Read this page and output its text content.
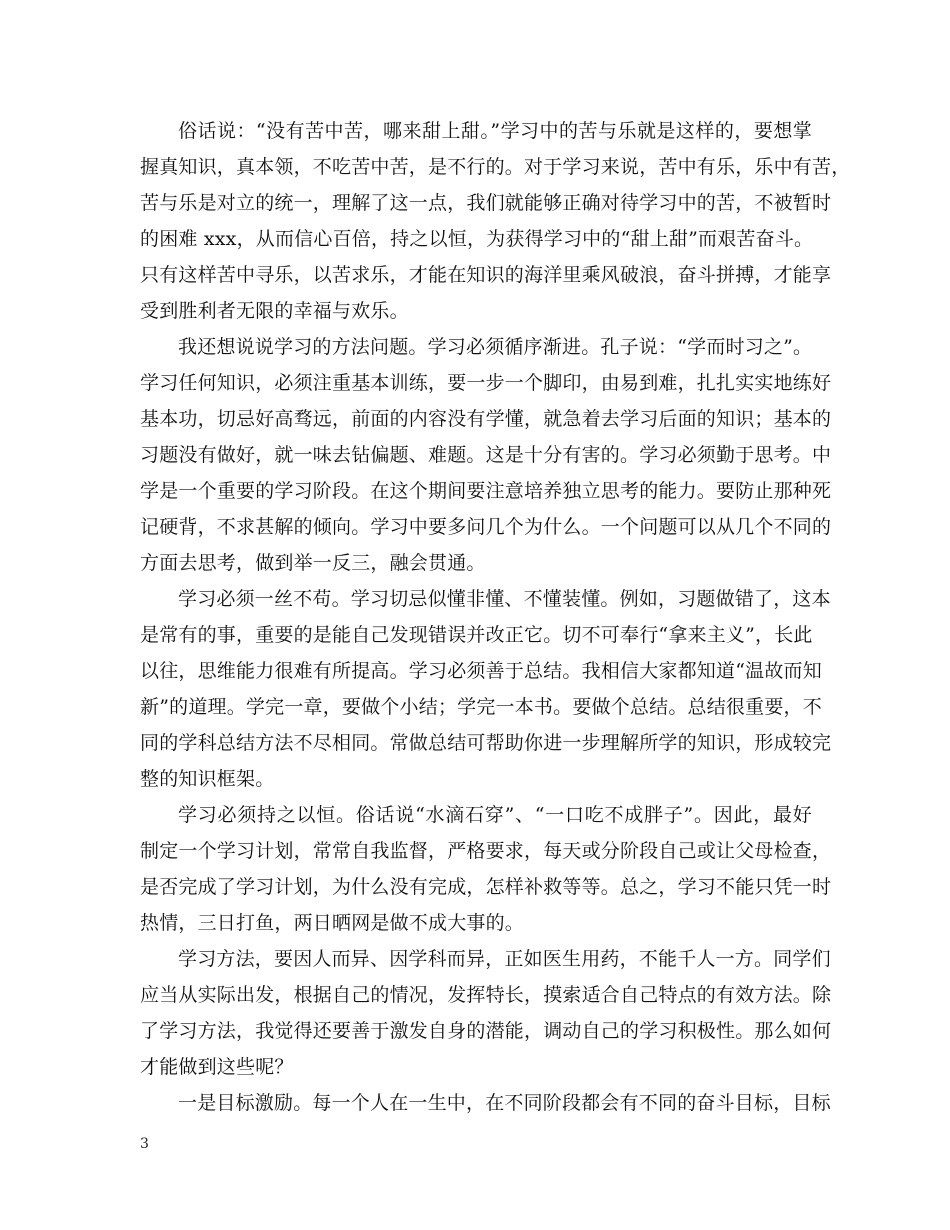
俗话说：“没有苦中苦，哪来甜上甜。”学习中的苦与乐就是这样的，要想掌
握真知识，真本领，不吃苦中苦，是不行的。对于学习来说，苦中有乐，乐中有苦，
苦与乐是对立的统一，理解了这一点，我们就能够正确对待学习中的苦，不被暂时
的困难 xxx，从而信心百倍，持之以恒，为获得学习中的“甜上甜”而艰苦奋斗。
只有这样苦中寻乐，以苦求乐，才能在知识的海洋里乘风破浪，奋斗拼搏，才能享
受到胜利者无限的幸福与欢乐。
我还想说说学习的方法问题。学习必须循序渐进。孔子说：“学而时习之”。
学习任何知识，必须注重基本训练，要一步一个脚印，由易到难，扎扎实实地练好
基本功，切忌好高骛远，前面的内容没有学懂，就急着去学习后面的知识；基本的
习题没有做好，就一味去钻偏题、难题。这是十分有害的。学习必须勤于思考。中
学是一个重要的学习阶段。在这个期间要注意培养独立思考的能力。要防止那种死
记硬背，不求甚解的倾向。学习中要多问几个为什么。一个问题可以从几个不同的
方面去思考，做到举一反三，融会贯通。
学习必须一丝不苟。学习切忌似懂非懂、不懂装懂。例如，习题做错了，这本
是常有的事，重要的是能自己发现错误并改正它。切不可奉行“拿来主义”，长此
以往，思维能力很难有所提高。学习必须善于总结。我相信大家都知道“温故而知
新”的道理。学完一章，要做个小结；学完一本书。要做个总结。总结很重要，不
同的学科总结方法不尽相同。常做总结可帮助你进一步理解所学的知识，形成较完
整的知识框架。
学习必须持之以恒。俗话说“水滴石穿”、“一口吃不成胖子”。因此，最好
制定一个学习计划，常常自我监督，严格要求，每天或分阶段自己或让父母检查，
是否完成了学习计划，为什么没有完成，怎样补救等等。总之，学习不能只凭一时
热情，三日打鱼，两日晒网是做不成大事的。
学习方法，要因人而异、因学科而异，正如医生用药，不能千人一方。同学们
应当从实际出发，根据自己的情况，发挥特长，摸索适合自己特点的有效方法。除
了学习方法，我觉得还要善于激发自身的潜能，调动自己的学习积极性。那么如何
才能做到这些呢？
一是目标激励。每一个人在一生中，在不同阶段都会有不同的奋斗目标，目标
3
